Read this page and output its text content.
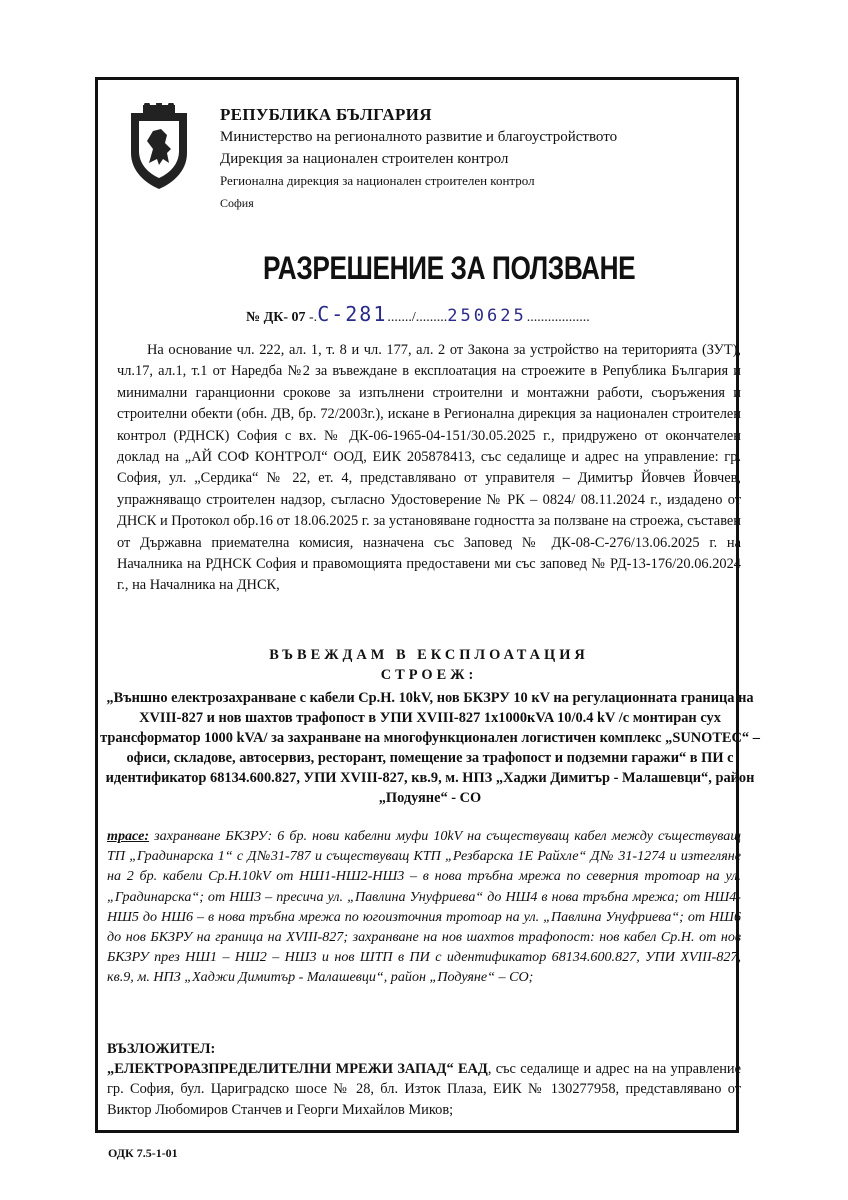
РЕПУБЛИКА БЪЛГАРИЯ
Министерство на регионалното развитие и благоустройството
Дирекция за национален строителен контрол
Регионална дирекция за национален строителен контрол
София
РАЗРЕШЕНИЕ ЗА ПОЛЗВАНЕ
№ ДК- 07 -.С-281......./.........250625..................

На основание чл. 222, ал. 1, т. 8 и чл. 177, ал. 2 от Закона за устройство на територията (ЗУТ), чл.17, ал.1, т.1 от Наредба №2 за въвеждане в експлоатация на строежите в Република България и минимални гаранционни срокове за изпълнени строителни и монтажни работи, съоръжения и строителни обекти (обн. ДВ, бр. 72/2003г.), искане в Регионална дирекция за национален строителен контрол (РДНСК) София с вх. № ДК-06-1965-04-151/30.05.2025 г., придружено от окончателен доклад на „АЙ СОФ КОНТРОЛ“ ООД, ЕИК 205878413, със седалище и адрес на управление: гр. София, ул. „Сердика“ № 22, ет. 4, представлявано от управителя – Димитър Йовчев Йовчев, упражняващо строителен надзор, съгласно Удостоверение № РК – 0824/ 08.11.2024 г., издадено от ДНСК и Протокол обр.16 от 18.06.2025 г. за установяване годността за ползване на строежа, съставен от Държавна приемателна комисия, назначена със Заповед № ДК-08-С-276/13.06.2025 г. на Началника на РДНСК София и правомощията предоставени ми със заповед № РД-13-176/20.06.2024 г., на Началника на ДНСК,

ВЪВЕЖДАМ В ЕКСПЛОАТАЦИЯ
СТРОЕЖ:
„Външно електрозахранване с кабели Ср.Н. 10kV, нов БКЗРУ 10 кV на регулационната граница на XVIII-827 и нов шахтов трафопост в УПИ XVIII-827 1х1000кVA 10/0.4 kV /с монтиран сух трансформатор 1000 kVA/ за захранване на многофункционален логистичен комплекс „SUNOTEC“ – офиси, складове, автосервиз, ресторант, помещение за трафопост и подземни гаражи“ в ПИ с идентификатор 68134.600.827, УПИ XVIII-827, кв.9, м. НПЗ „Хаджи Димитър - Малашевци“, район „Подуяне“ - СО
трасе: захранване БКЗРУ: 6 бр. нови кабелни муфи 10kV на съществуващ кабел между съществуващ ТП „Градинарска 1“ с Д№31-787 и съществуващ КТП „Резбарска 1Е Райхле“ Д№ 31-1274 и изтегляне на 2 бр. кабели Ср.Н.10kV от НШ1-НШ2-НШ3 – в нова тръбна мрежа по северния тротоар на ул. „Градинарска“; от НШ3 – пресича ул. „Павлина Унуфриева“ до НШ4 в нова тръбна мрежа; от НШ4-НШ5 до НШ6 – в нова тръбна мрежа по югоизточния тротоар на ул. „Павлина Унуфриева“; от НШ6 до нов БКЗРУ на граница на XVIII-827; захранване на нов шахтов трафопост: нов кабел Ср.Н. от нов БКЗРУ през НШ1 – НШ2 – НШ3 и нов ШТП в ПИ с идентификатор 68134.600.827, УПИ XVIII-827, кв.9, м. НПЗ „Хаджи Димитър - Малашевци“, район „Подуяне“ – СО;
ВЪЗЛОЖИТЕЛ:
„ЕЛЕКТРОРАЗПРЕДЕЛИТЕЛНИ МРЕЖИ ЗАПАД“ ЕАД, със седалище и адрес на на управление гр. София, бул. Цариградско шосе № 28, бл. Изток Плаза, ЕИК № 130277958, представлявано от Виктор Любомиров Станчев и Георги Михайлов Миков;
ОДК 7.5-1-01
